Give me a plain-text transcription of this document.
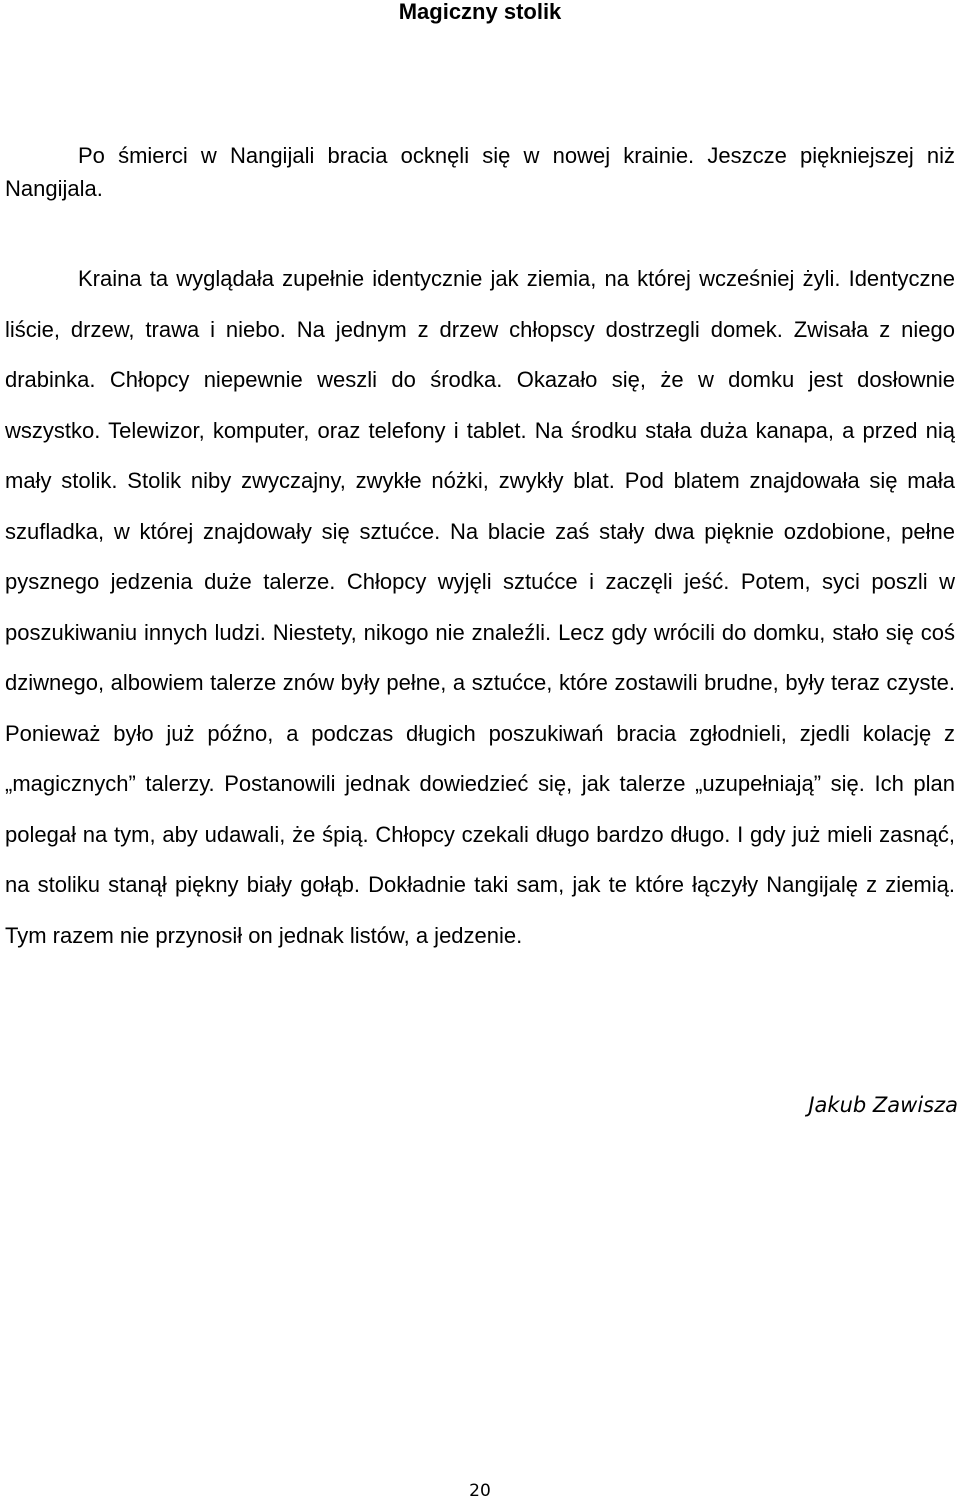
Magiczny stolik

Po śmierci w Nangijali bracia ocknęli się w nowej krainie. Jeszcze piękniejszej niż Nangijala.

Kraina ta wyglądała zupełnie identycznie jak ziemia, na której wcześniej żyli. Identyczne liście, drzew, trawa i niebo. Na jednym z drzew chłopscy dostrzegli domek. Zwisała z niego drabinka. Chłopcy niepewnie weszli do środka. Okazało się, że w domku jest dosłownie wszystko. Telewizor, komputer, oraz telefony i tablet. Na środku stała duża kanapa, a przed nią mały stolik. Stolik niby zwyczajny, zwykłe nóżki, zwykły blat. Pod blatem znajdowała się mała szufladka, w której znajdowały się sztućce. Na blacie zaś stały dwa pięknie ozdobione, pełne pysznego jedzenia duże talerze. Chłopcy wyjęli sztućce i zaczęli jeść. Potem, syci poszli w poszukiwaniu innych ludzi. Niestety, nikogo nie znaleźli. Lecz gdy wrócili do domku, stało się coś dziwnego, albowiem talerze znów były pełne, a sztućce, które zostawili brudne, były teraz czyste. Ponieważ było już późno, a podczas długich poszukiwań bracia zgłodnieli, zjedli kolację z „magicznych” talerzy. Postanowili jednak dowiedzieć się, jak talerze „uzupełniają” się. Ich plan polegał na tym, aby udawali, że śpią. Chłopcy czekali długo bardzo długo. I gdy już mieli zasnąć, na stoliku stanął piękny biały gołąb. Dokładnie taki sam, jak te które łączyły Nangijalę z ziemią. Tym razem nie przynosił on jednak listów, a jedzenie.

Jakub Zawisza
20
